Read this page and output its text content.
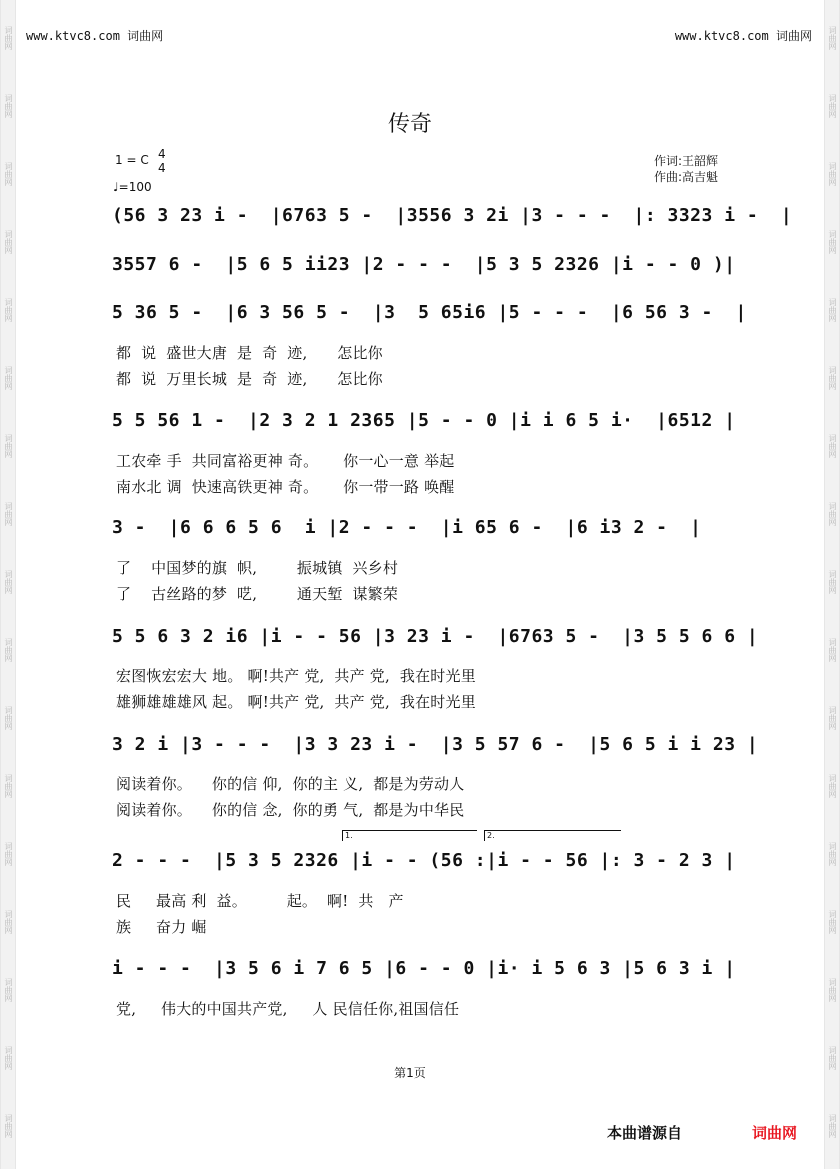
词曲网
词曲网
词曲网
词曲网
词曲网
词曲网
词曲网
词曲网
词曲网
词曲网
词曲网
词曲网
词曲网
词曲网
词曲网
词曲网
词曲网
词曲网
词曲网
词曲网
词曲网
词曲网
词曲网
词曲网
词曲网
词曲网
词曲网
词曲网
词曲网
词曲网
词曲网
词曲网
词曲网
词曲网
www.ktvc8.com 词曲网	www.ktvc8.com 词曲网
传奇
1 = C 4
4
♩=100
作词:王韶辉
作曲:高吉魁
(56 3 23 i -  |6763 5 -  |3556 3 2i |3 - - -  |: 3323 i -  |
3557 6 -  |5 6 5 ii23 |2 - - -  |5 3 5 2326 |i - - 0 )|
5 36 5 -  |6 3 56 5 -  |3  5 65i6 |5 - - -  |6 56 3 -  |
都  说  盛世大唐  是  奇  迹,      怎比你
都  说  万里长城  是  奇  迹,      怎比你
5 5 56 1 -  |2 3 2 1 2365 |5 - - 0 |i i 6 5 i·  |6512 |
工农牵 手  共同富裕更神 奇。     你一心一意 举起
南水北 调  快速高铁更神 奇。     你一带一路 唤醒
3 -  |6 6 6 5 6  i |2 - - -  |i 65 6 -  |6 i3 2 -  |
了    中国梦的旗  帜,        振城镇  兴乡村
了    古丝路的梦  呓,        通天堑  谋繁荣
5 5 6 3 2 i6 |i - - 56 |3 23 i -  |6763 5 -  |3 5 5 6 6 |
宏图恢宏宏大 地。 啊!共产 党,  共产 党,  我在时光里
雄狮雄雄雄风 起。 啊!共产 党,  共产 党,  我在时光里
3 2 i |3 - - -  |3 3 23 i -  |3 5 57 6 -  |5 6 5 i i 23 |
阅读着你。    你的信 仰,  你的主 义,  都是为劳动人
阅读着你。    你的信 念,  你的勇 气,  都是为中华民
1.	2.
2 - - -  |5 3 5 2326 |i - - (56 :|i - - 56 |: 3 - 2 3 |
民     最高 利  益。        起。  啊!  共   产
族     奋力 崛
i - - -  |3 5 6 i 7 6 5 |6 - - 0 |i· i 5 6 3 |5 6 3 i |
党,     伟大的中国共产党,     人 民信任你,祖国信任
第1页
本曲谱源自	词曲网
